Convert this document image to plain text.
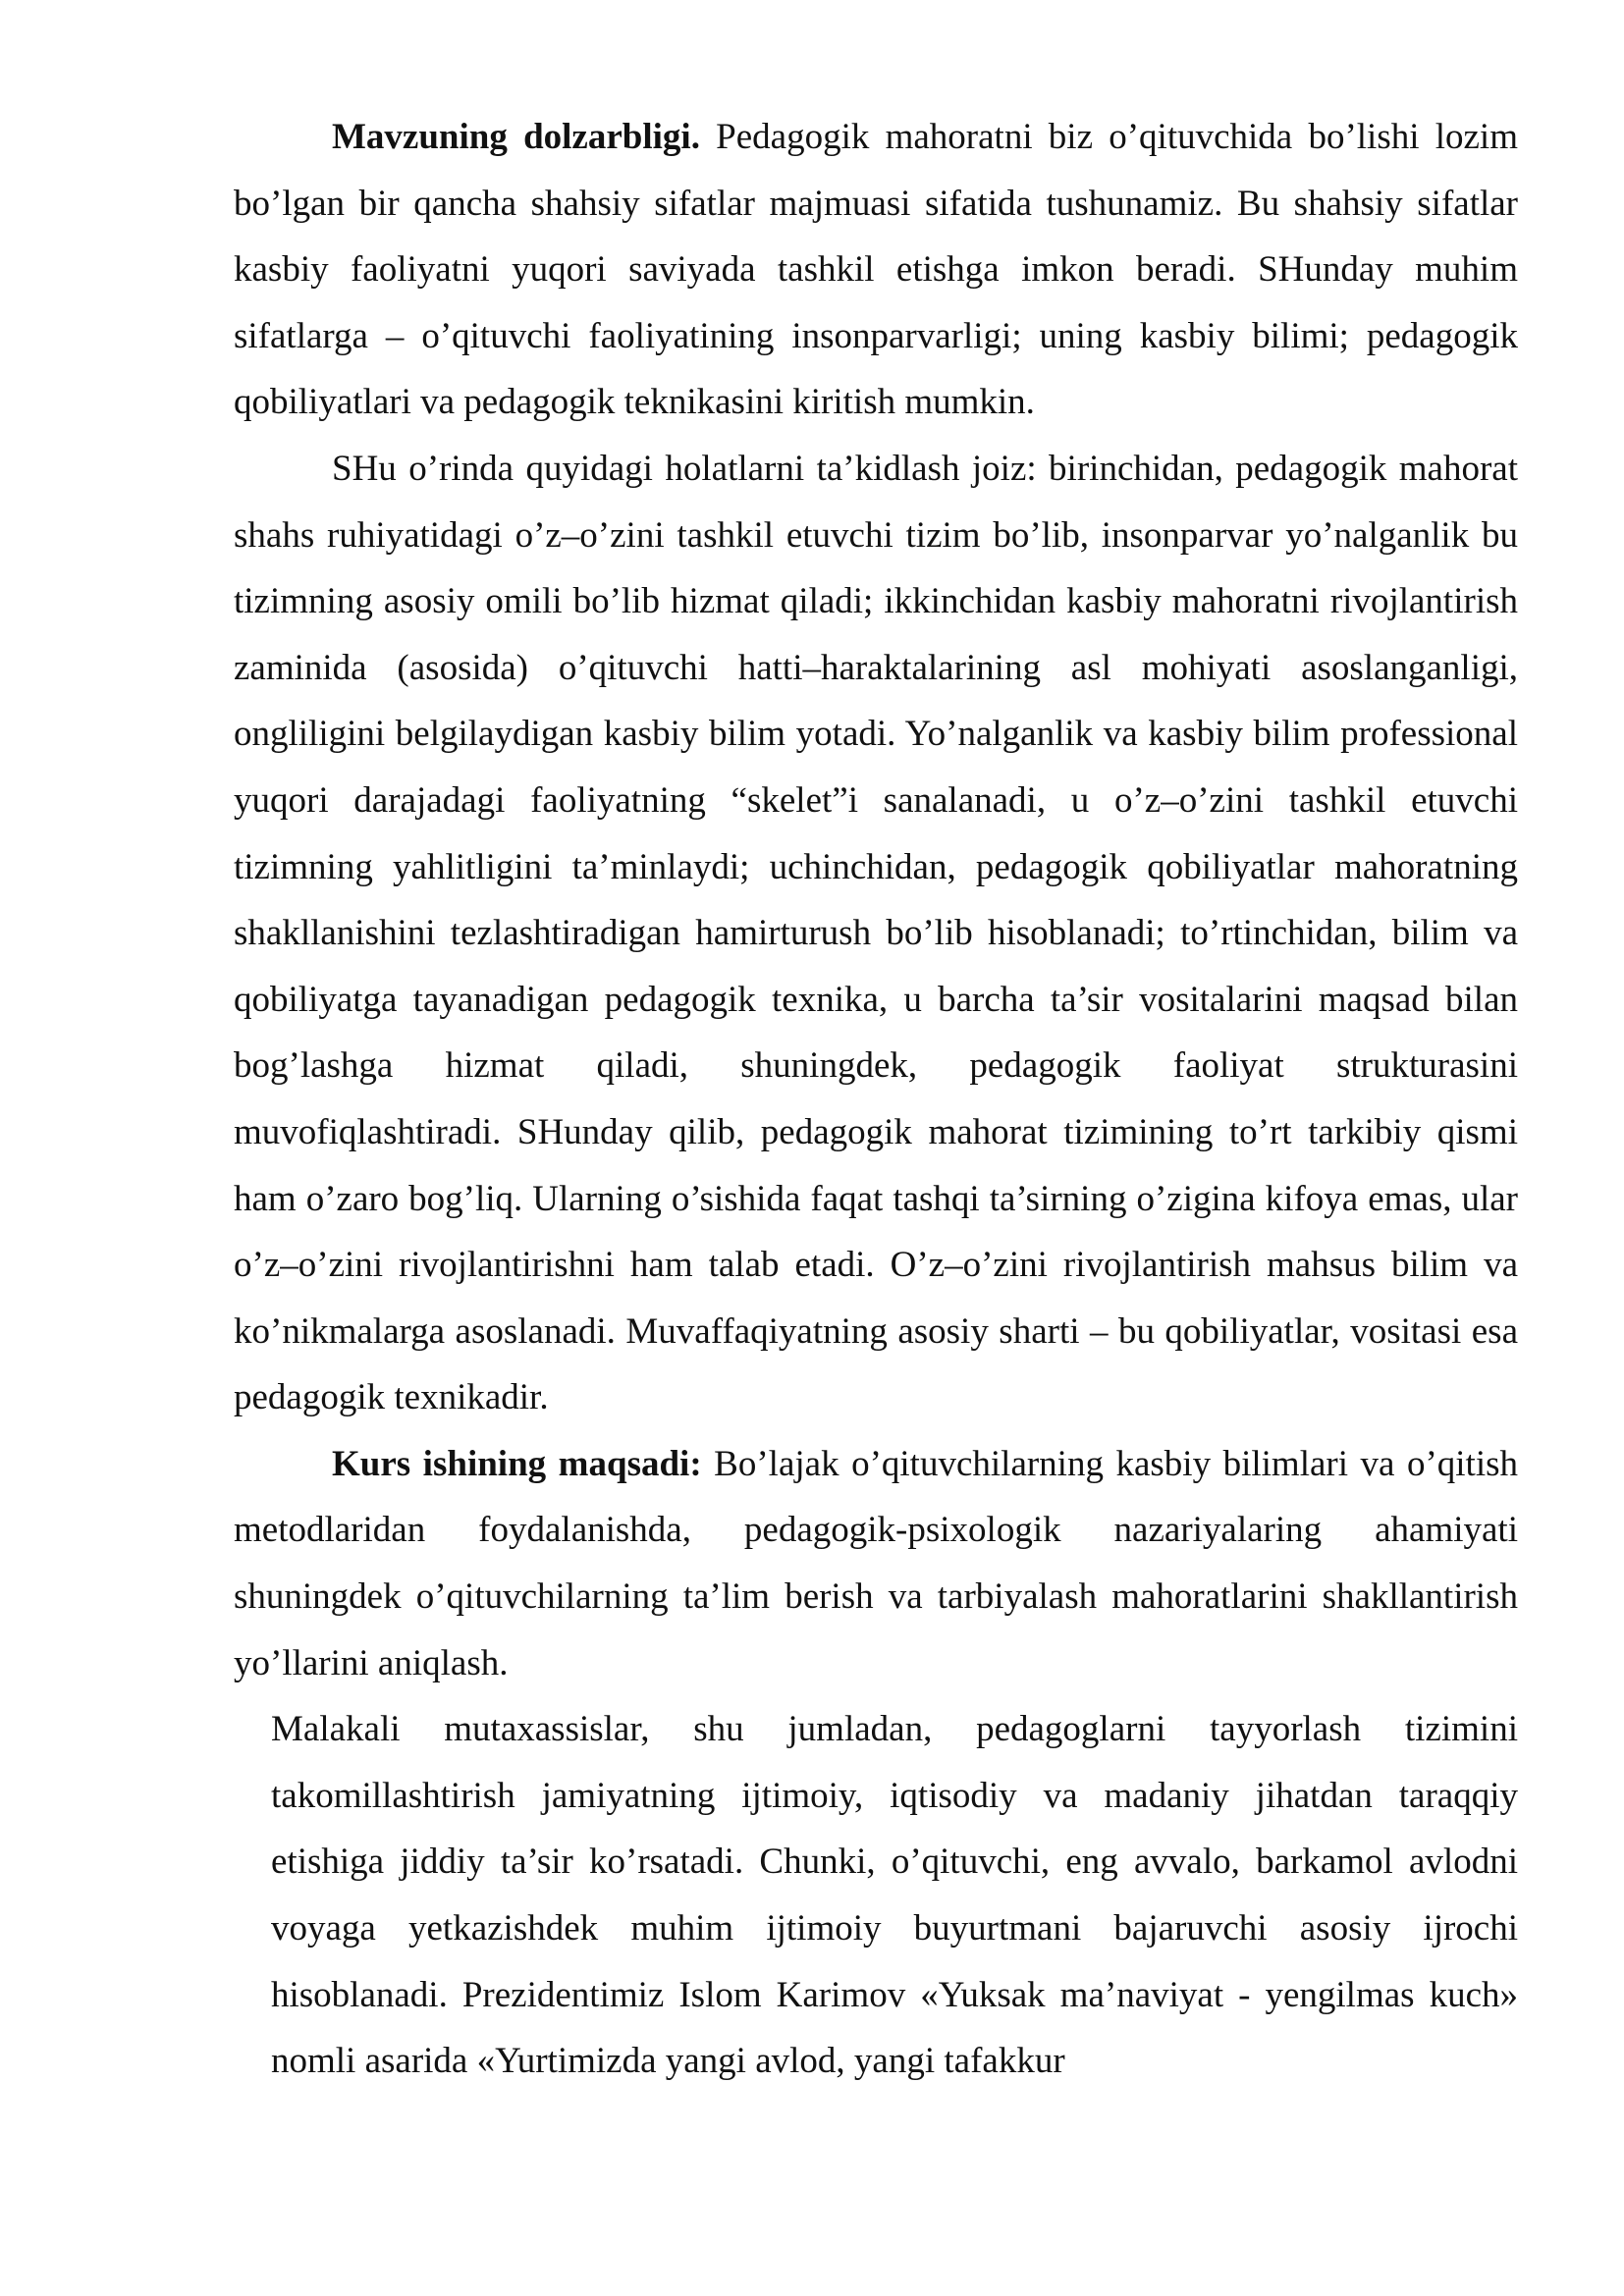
Mavzuning dolzarbligi. Pedagogik mahoratni biz o’qituvchida bo’lishi lozim bo’lgan bir qancha shahsiy sifatlar majmuasi sifatida tushunamiz. Bu shahsiy sifatlar kasbiy faoliyatni yuqori saviyada tashkil etishga imkon beradi. SHunday muhim sifatlarga – o’qituvchi faoliyatining insonparvarligi; uning kasbiy bilimi; pedagogik qobiliyatlari va pedagogik teknikasini kiritish mumkin.

SHu o’rinda quyidagi holatlarni ta’kidlash joiz: birinchidan, pedagogik mahorat shahs ruhiyatidagi o’z–o’zini tashkil etuvchi tizim bo’lib, insonparvar yo’nalganlik bu tizimning asosiy omili bo’lib hizmat qiladi; ikkinchidan kasbiy mahoratni rivojlantirish zaminida (asosida) o’qituvchi hatti–haraktalarining asl mohiyati asoslanganligi, ongliligini belgilaydigan kasbiy bilim yotadi. Yo’nalganlik va kasbiy bilim professional yuqori darajadagi faoliyatning “skelet”i sanalanadi, u o’z–o’zini tashkil etuvchi tizimning yahlitligini ta’minlaydi; uchinchidan, pedagogik qobiliyatlar mahoratning shakllanishini tezlashtiradigan hamirturush bo’lib hisoblanadi; to’rtinchidan, bilim va qobiliyatga tayanadigan pedagogik texnika, u barcha ta’sir vositalarini maqsad bilan bog’lashga hizmat qiladi, shuningdek, pedagogik faoliyat strukturasini muvofiqlashtiradi. SHunday qilib, pedagogik mahorat tizimining to’rt tarkibiy qismi ham o’zaro bog’liq. Ularning o’sishida faqat tashqi ta’sirning o’zigina kifoya emas, ular o’z–o’zini rivojlantirishni ham talab etadi. O’z–o’zini rivojlantirish mahsus bilim va ko’nikmalarga asoslanadi. Muvaffaqiyatning asosiy sharti – bu qobiliyatlar, vositasi esa pedagogik texnikadir.

Kurs ishining maqsadi: Bo’lajak o’qituvchilarning kasbiy bilimlari va o’qitish metodlaridan foydalanishda, pedagogik-psixologik nazariyalaring ahamiyati shuningdek o’qituvchilarning ta’lim berish va tarbiyalash mahoratlarini shakllantirish yo’llarini aniqlash.

Malakali mutaxassislar, shu jumladan, pedagoglarni tayyorlash tizimini takomillashtirish jamiyatning ijtimoiy, iqtisodiy va madaniy jihatdan taraqqiy etishiga jiddiy ta’sir ko’rsatadi. Chunki, o’qituvchi, eng avvalo, barkamol avlodni voyaga yetkazishdek muhim ijtimoiy buyurtmani bajaruvchi asosiy ijrochi hisoblanadi. Prezidentimiz Islom Karimov «Yuksak ma’naviyat - yengilmas kuch» nomli asarida «Yurtimizda yangi avlod, yangi tafakkur
